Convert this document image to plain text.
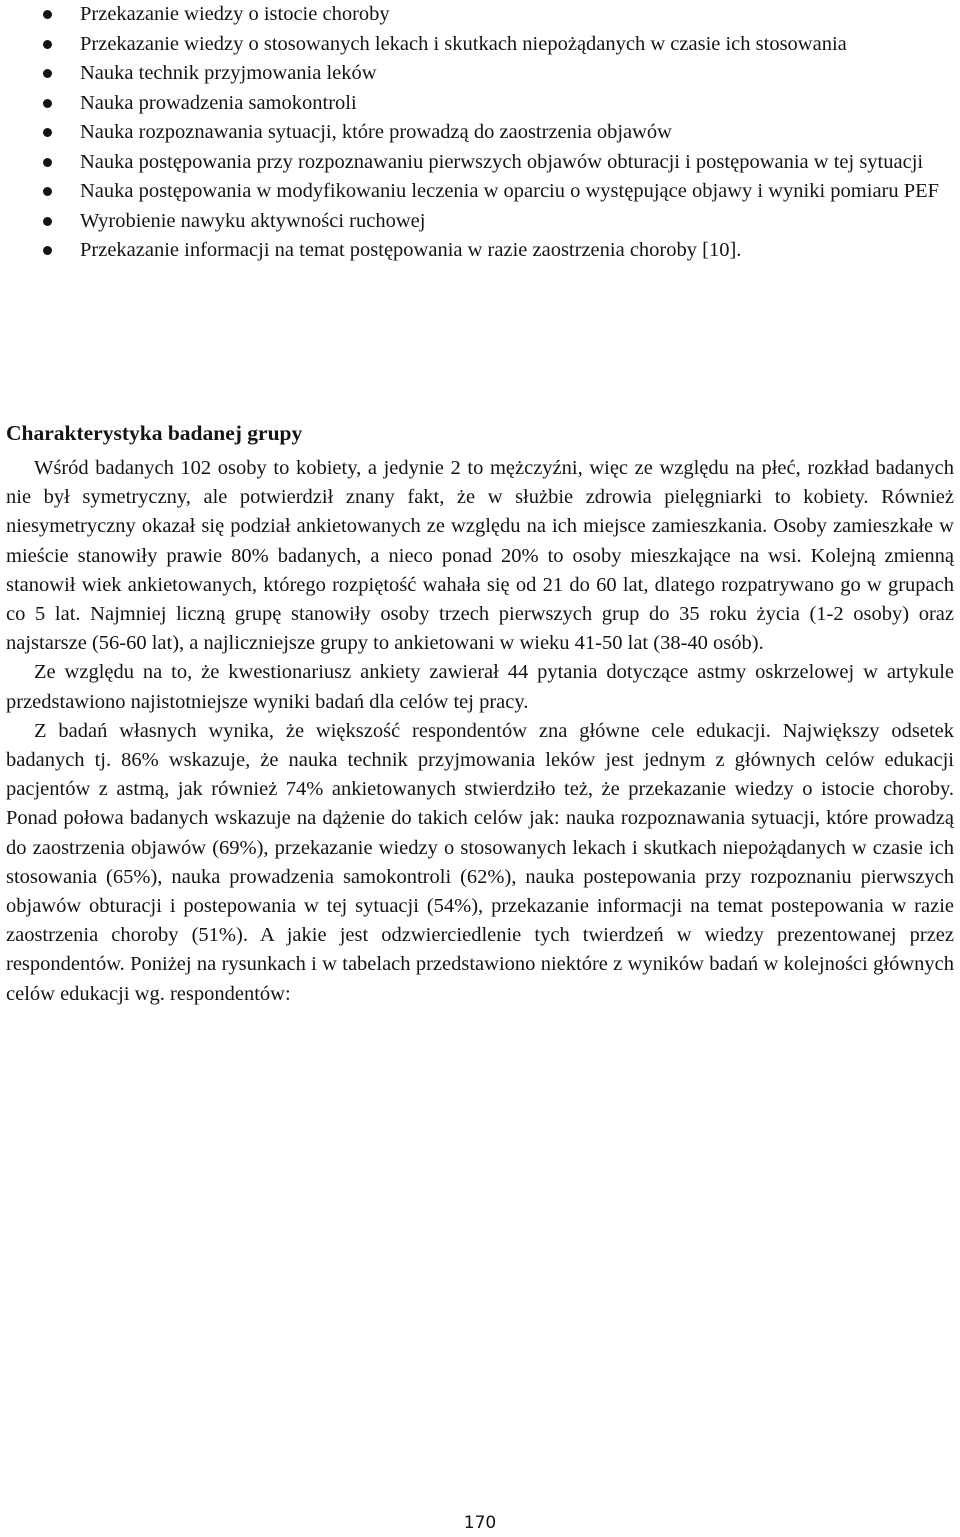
Przekazanie wiedzy o istocie choroby
Przekazanie wiedzy o stosowanych lekach i skutkach niepożądanych w czasie ich stosowania
Nauka technik przyjmowania leków
Nauka prowadzenia samokontroli
Nauka rozpoznawania sytuacji, które prowadzą do zaostrzenia objawów
Nauka postępowania przy rozpoznawaniu pierwszych objawów obturacji i postępowania w tej sytuacji
Nauka postępowania w modyfikowaniu leczenia w oparciu o występujące objawy i wyniki pomiaru PEF
Wyrobienie nawyku aktywności ruchowej
Przekazanie informacji na temat postępowania w razie zaostrzenia choroby [10].
Charakterystyka badanej grupy

Wśród badanych 102 osoby to kobiety, a jedynie 2 to mężczyźni, więc ze względu na płeć, rozkład badanych nie był symetryczny, ale potwierdził znany fakt, że w służbie zdrowia pielęgniarki to kobiety. Również niesymetryczny okazał się podział ankietowanych ze względu na ich miejsce zamieszkania. Osoby zamieszkałe w mieście stanowiły prawie 80% badanych, a nieco ponad 20% to osoby mieszkające na wsi. Kolejną zmienną stanowił wiek ankietowanych, którego rozpiętość wahała się od 21 do 60 lat, dlatego rozpatrywano go w grupach co 5 lat. Najmniej liczną grupę stanowiły osoby trzech pierwszych grup do 35 roku życia (1-2 osoby) oraz najstarsze (56-60 lat), a najliczniejsze grupy to ankietowani w wieku 41-50 lat (38-40 osób).

Ze względu na to, że kwestionariusz ankiety zawierał 44 pytania dotyczące astmy oskrzelowej w artykule przedstawiono najistotniejsze wyniki badań dla celów tej pracy.

Z badań własnych wynika, że większość respondentów zna główne cele edukacji. Największy odsetek badanych tj. 86% wskazuje, że nauka technik przyjmowania leków jest jednym z głównych celów edukacji pacjentów z astmą, jak również 74% ankietowanych stwierdziło też, że przekazanie wiedzy o istocie choroby. Ponad połowa badanych wskazuje na dążenie do takich celów jak: nauka rozpoznawania sytuacji, które prowadzą do zaostrzenia objawów (69%), przekazanie wiedzy o stosowanych lekach i skutkach niepożądanych w czasie ich stosowania (65%), nauka prowadzenia samokontroli (62%), nauka postepowania przy rozpoznaniu pierwszych objawów obturacji i postepowania w tej sytuacji (54%), przekazanie informacji na temat postepowania w razie zaostrzenia choroby (51%). A jakie jest odzwierciedlenie tych twierdzeń w wiedzy prezentowanej przez respondentów. Poniżej na rysunkach i w tabelach przedstawiono niektóre z wyników badań w kolejności głównych celów edukacji wg. respondentów:

170
